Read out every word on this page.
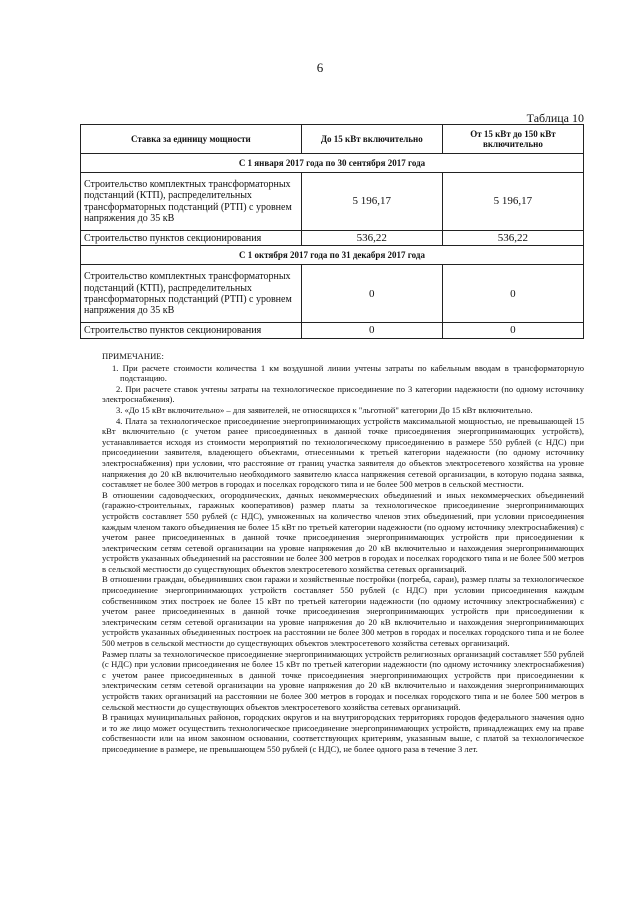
6
Таблица 10
Ставка за единицу мощности	До 15 кВт включительно	От 15 кВт до 150 кВт включительно
С 1 января 2017 года по 30 сентября 2017 года		
Строительство комплектных трансформаторных подстанций (КТП), распределительных трансформаторных подстанций (РТП) с уровнем напряжения до 35 кВ	5 196,17	5 196,17
Строительство пунктов секционирования	536,22	536,22
С 1 октября 2017 года по 31 декабря 2017 года		
Строительство комплектных трансформаторных подстанций (КТП), распределительных трансформаторных подстанций (РТП) с уровнем напряжения до 35 кВ	0	0
Строительство пунктов секционирования	0	0

ПРИМЕЧАНИЕ:

1. При расчете стоимости количества 1 км воздушной линии учтены затраты по кабельным вводам в трансформаторную подстанцию.

2. При расчете ставок учтены затраты на технологическое присоединение по 3 категории надежности (по одному источнику электроснабжения).

3. «До 15 кВт включительно» – для заявителей, не относящихся к "льготной" категории До 15 кВт включительно.

4. Плата за технологическое присоединение энергопринимающих устройств максимальной мощностью, не превышающей 15 кВт включительно (с учетом ранее присоединенных в данной точке присоединения энергопринимающих устройств), устанавливается исходя из стоимости мероприятий по технологическому присоединению в размере 550 рублей (с НДС) при присоединении заявителя, владеющего объектами, отнесенными к третьей категории надежности (по одному источнику электроснабжения) при условии, что расстояние от границ участка заявителя до объектов электросетевого хозяйства на уровне напряжения до 20 кВ включительно необходимого заявителю класса напряжения сетевой организации, в которую подана заявка, составляет не более 300 метров в городах и поселках городского типа и не более 500 метров в сельской местности.

В отношении садоводческих, огороднических, дачных некоммерческих объединений и иных некоммерческих объединений (гаражно-строительных, гаражных кооперативов) размер платы за технологическое присоединение энергопринимающих устройств составляет 550 рублей (с НДС), умноженных на количество членов этих объединений, при условии присоединения каждым членом такого объединения не более 15 кВт по третьей категории надежности (по одному источнику электроснабжения) с учетом ранее присоединенных в данной точке присоединения энергопринимающих устройств при присоединении к электрическим сетям сетевой организации на уровне напряжения до 20 кВ включительно и нахождения энергопринимающих устройств указанных объединений на расстоянии не более 300 метров в городах и поселках городского типа и не более 500 метров в сельской местности до существующих объектов электросетевого хозяйства сетевых организаций.

В отношении граждан, объединивших свои гаражи и хозяйственные постройки (погреба, сараи), размер платы за технологическое присоединение энергопринимающих устройств составляет 550 рублей (с НДС) при условии присоединения каждым собственником этих построек не более 15 кВт по третьей категории надежности (по одному источнику электроснабжения) с учетом ранее присоединенных в данной точке присоединения энергопринимающих устройств при присоединении к электрическим сетям сетевой организации на уровне напряжения до 20 кВ включительно и нахождения энергопринимающих устройств указанных объединенных построек на расстоянии не более 300 метров в городах и поселках городского типа и не более 500 метров в сельской местности до существующих объектов электросетевого хозяйства сетевых организаций.

Размер платы за технологическое присоединение энергопринимающих устройств религиозных организаций составляет 550 рублей (с НДС) при условии присоединения не более 15 кВт по третьей категории надежности (по одному источнику электроснабжения) с учетом ранее присоединенных в данной точке присоединения энергопринимающих устройств при присоединении к электрическим сетям сетевой организации на уровне напряжения до 20 кВ включительно и нахождения энергопринимающих устройств таких организаций на расстоянии не более 300 метров в городах и поселках городского типа и не более 500 метров в сельской местности до существующих объектов электросетевого хозяйства сетевых организаций.

В границах муниципальных районов, городских округов и на внутригородских территориях городов федерального значения одно и то же лицо может осуществить технологическое присоединение энергопринимающих устройств, принадлежащих ему на праве собственности или на ином законном основании, соответствующих критериям, указанным выше, с платой за технологическое присоединение в размере, не превышающем 550 рублей (с НДС), не более одного раза в течение 3 лет.
